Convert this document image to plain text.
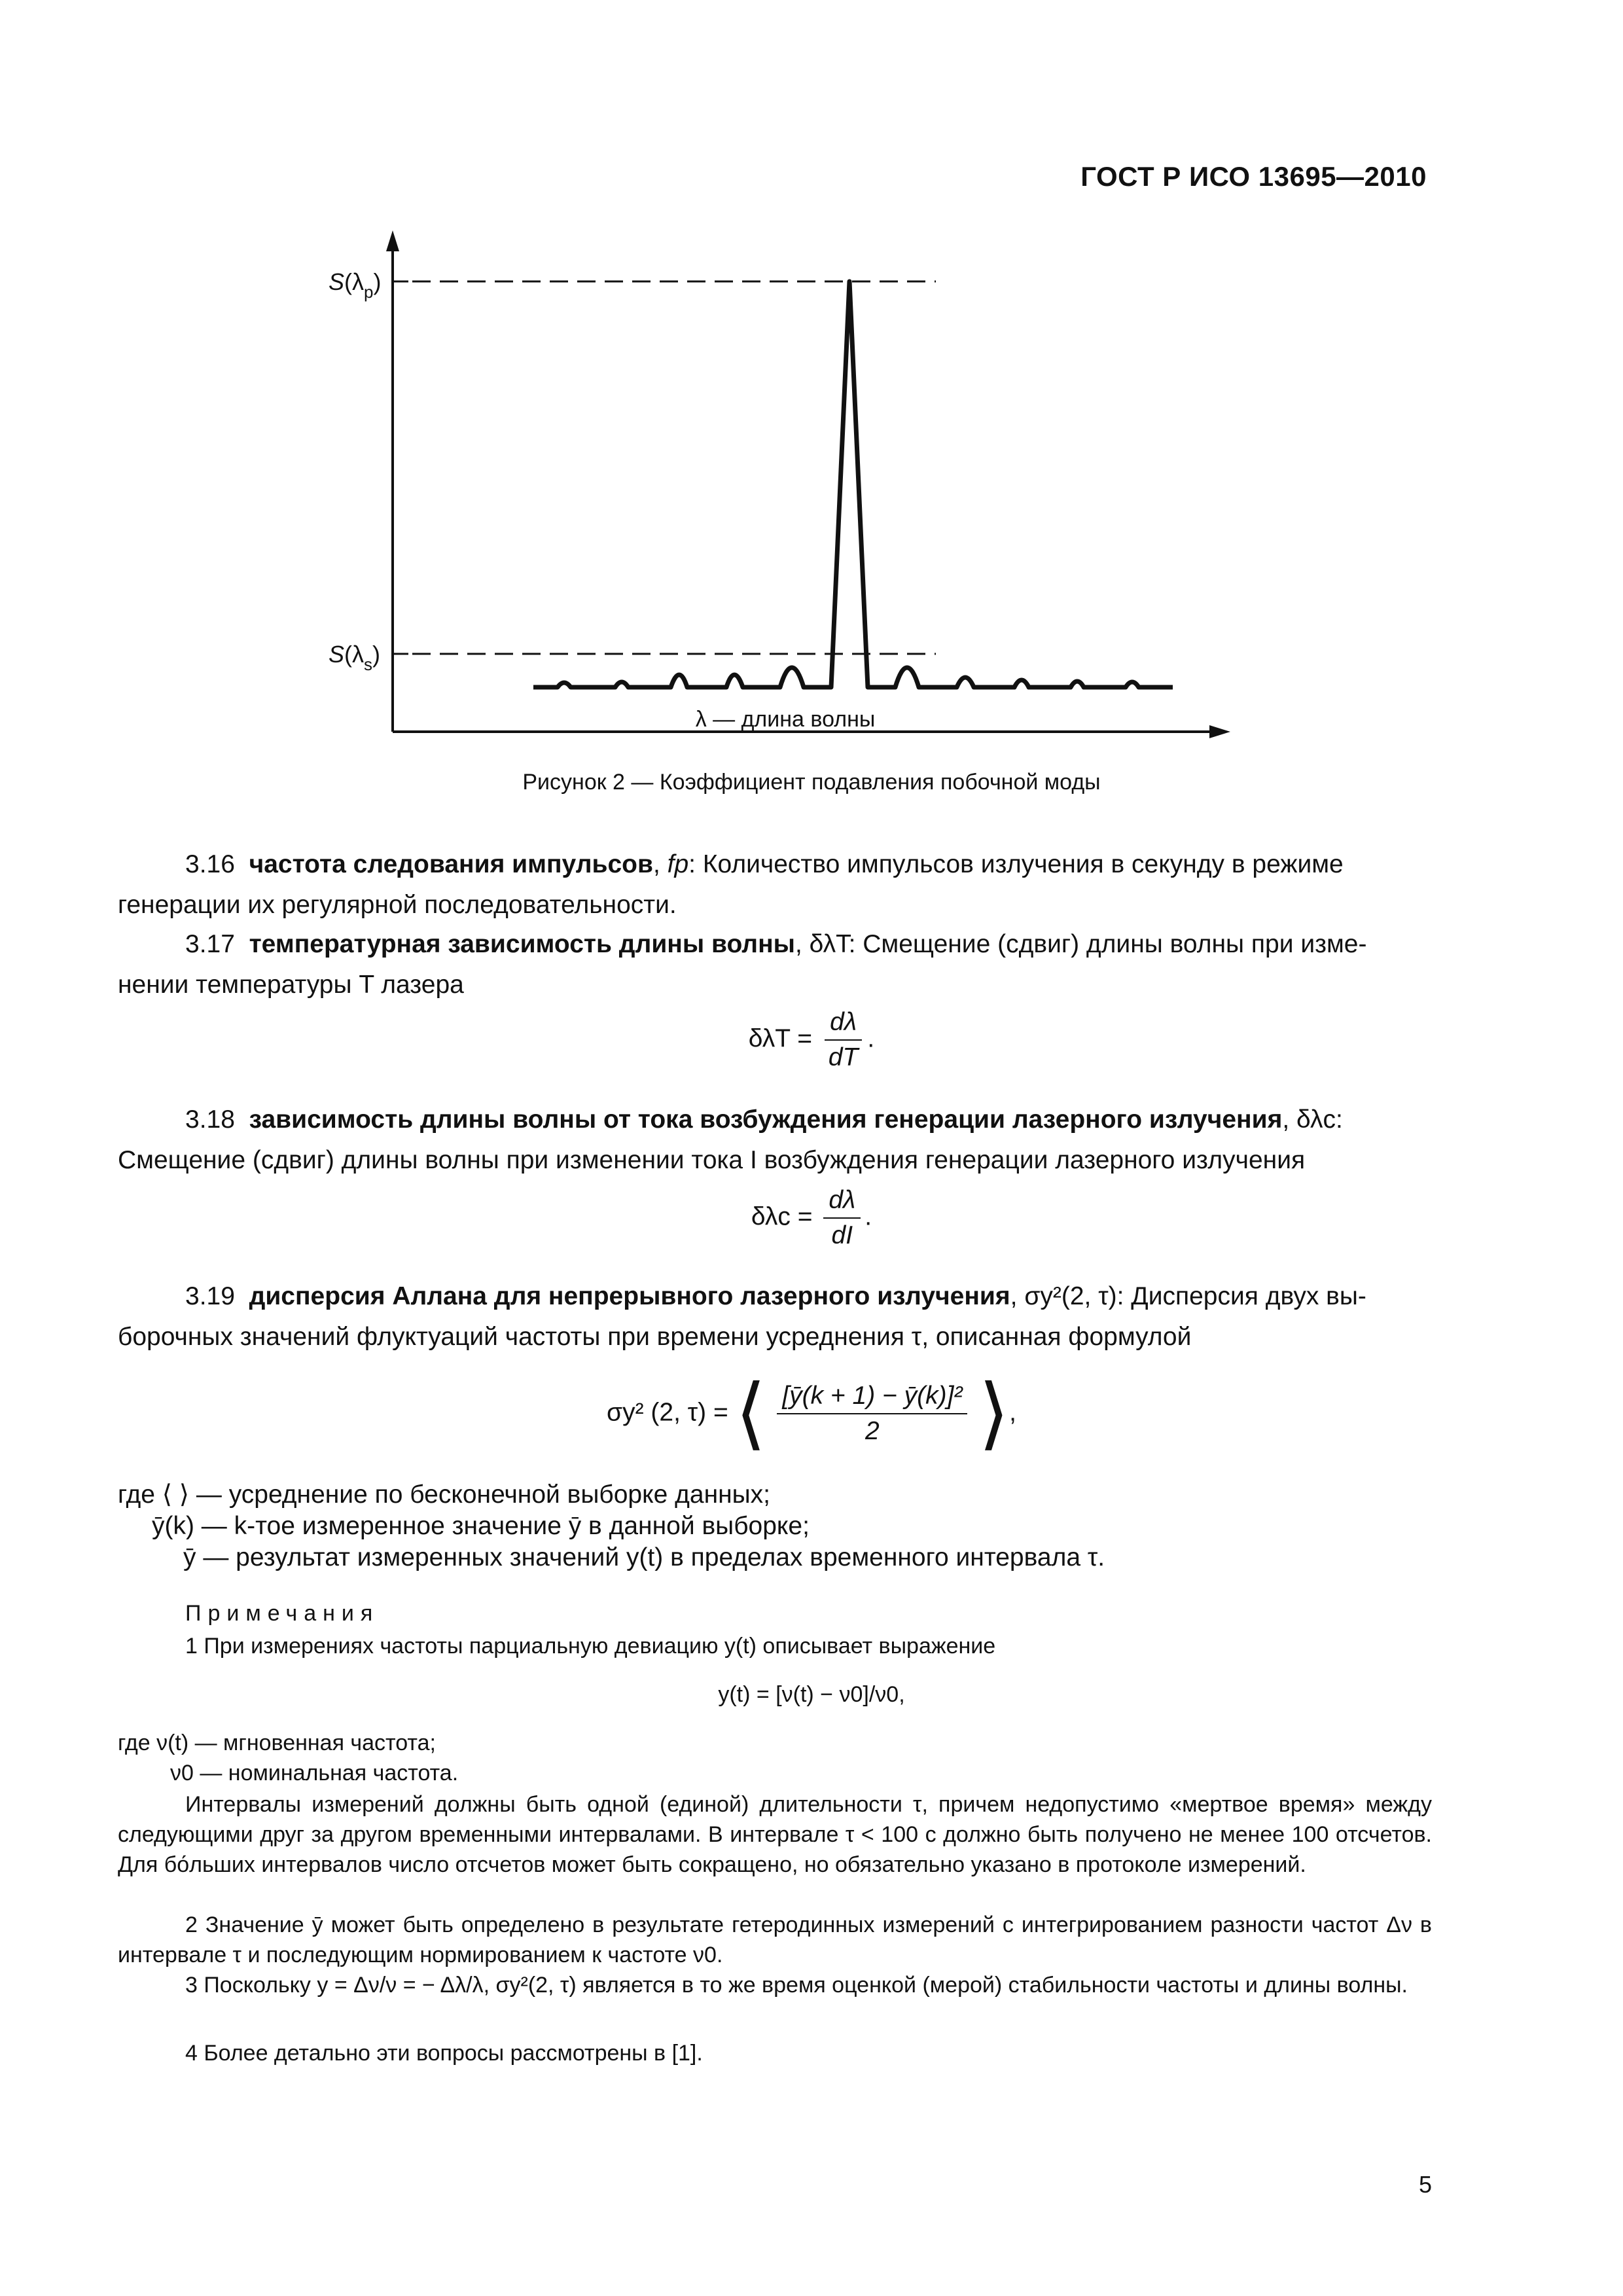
ГОСТ Р ИСО 13695—2010
$S(\lambda_p)$
$S(\lambda_s)$
λ — длина волны
Рисунок 2 — Коэффициент подавления побочной моды
3.16 частота следования импульсов, fp: Количество импульсов излучения в секунду в режиме
генерации их регулярной последовательности.
3.17 температурная зависимость длины волны, δλT: Смещение (сдвиг) длины волны при изме-
нении температуры T лазера
$\delta\lambda T = \frac{d\lambda}{dT}$ .
3.18 зависимость длины волны от тока возбуждения генерации лазерного излучения, δλc:
Смещение (сдвиг) длины волны при изменении тока I возбуждения генерации лазерного излучения
$\delta\lambda c = \frac{d\lambda}{dI}$ .
3.19 дисперсия Аллана для непрерывного лазерного излучения, σy²(2, τ): Дисперсия двух вы-
борочных значений флуктуаций частоты при времени усреднения τ, описанная формулой
σy² (2, τ) = ⟨ $\frac{\text{[ȳ(k + 1) − ȳ(k)]²}}{2}$ ⟩,
где ⟨ ⟩ — усреднение по бесконечной выборке данных;
ȳ(k) — k-тое измеренное значение ȳ в данной выборке;
ȳ — результат измеренных значений y(t) в пределах временного интервала τ.
Примечания
1 При измерениях частоты парциальную девиацию y(t) описывает выражение
y(t) = [ν(t) − ν0]/ν0,
где ν(t) — мгновенная частота;
ν0 — номинальная частота.
Интервалы измерений должны быть одной (единой) длительности τ, причем недопустимо «мертвое время» между следующими друг за другом временными интервалами. В интервале τ < 100 с должно быть получено не менее 100 отсчетов. Для бо́льших интервалов число отсчетов может быть сокращено, но обязательно указано в протоколе измерений.
2 Значение ȳ может быть определено в результате гетеродинных измерений с интегрированием разности частот Δν в интервале τ и последующим нормированием к частоте ν0.
3 Поскольку y = Δν/ν = − Δλ/λ, σy²(2, τ) является в то же время оценкой (мерой) стабильности частоты и длины волны.
4 Более детально эти вопросы рассмотрены в [1].
5
